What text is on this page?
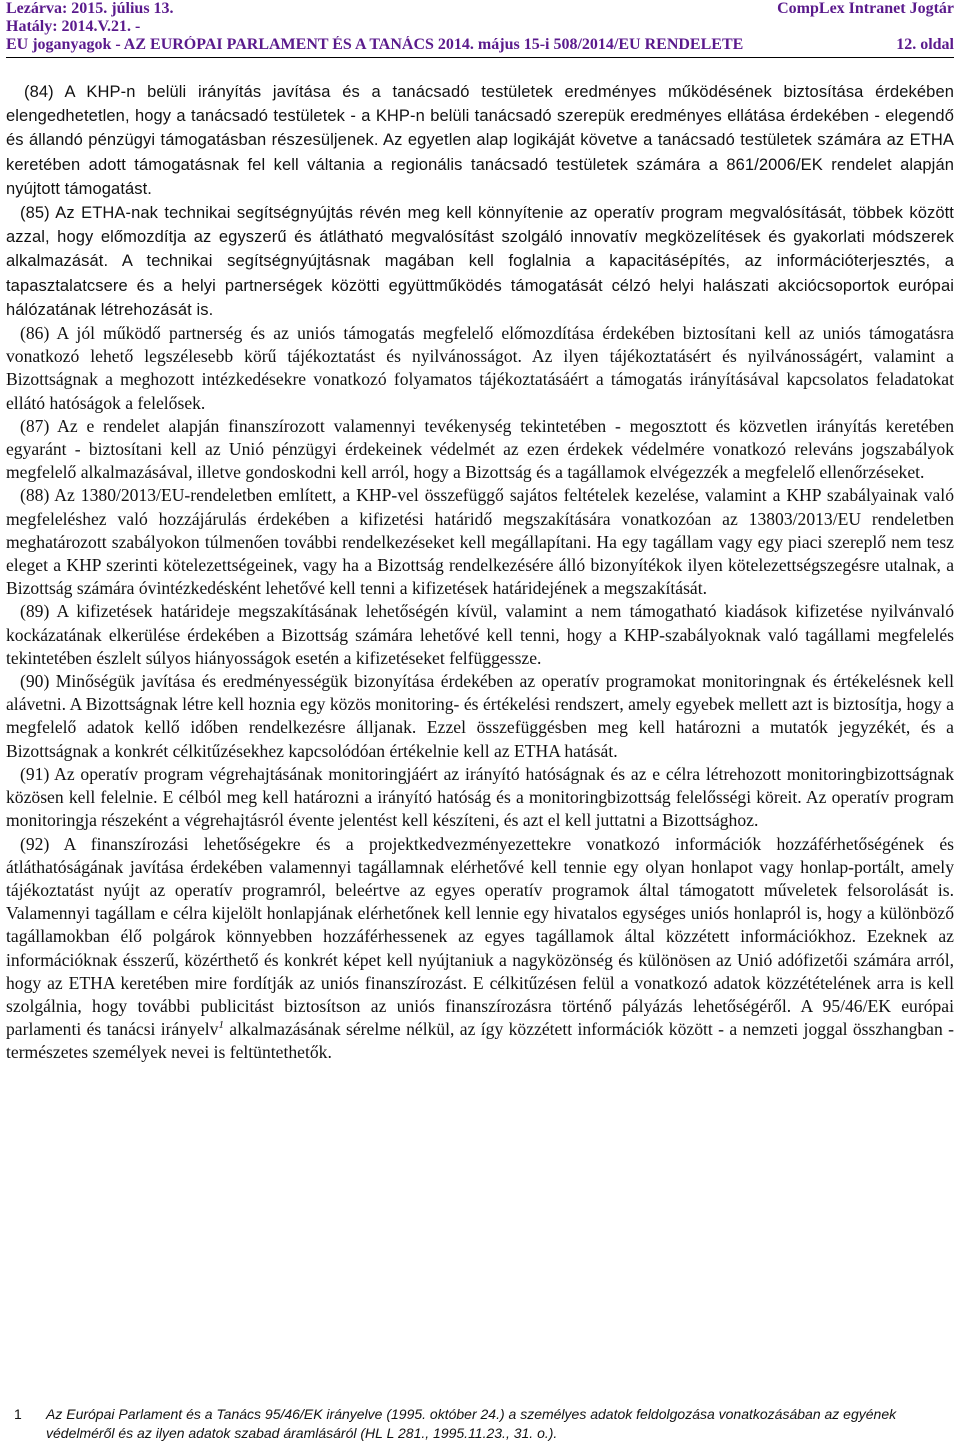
Lezárva: 2015. július 13.	CompLex Intranet Jogtár
Hatály: 2014.V.21. -
EU joganyagok - AZ EURÓPAI PARLAMENT ÉS A TANÁCS 2014. május 15-i 508/2014/EU RENDELETE	12. oldal

(84) A KHP-n belüli irányítás javítása és a tanácsadó testületek eredményes működésének biztosítása érdekében elengedhetetlen, hogy a tanácsadó testületek - a KHP-n belüli tanácsadó szerepük eredményes ellátása érdekében - elegendő és állandó pénzügyi támogatásban részesüljenek. Az egyetlen alap logikáját követve a tanácsadó testületek számára az ETHA keretében adott támogatásnak fel kell váltania a regionális tanácsadó testületek számára a 861/2006/EK rendelet alapján nyújtott támogatást.

(85) Az ETHA-nak technikai segítségnyújtás révén meg kell könnyítenie az operatív program megvalósítását, többek között azzal, hogy előmozdítja az egyszerű és átlátható megvalósítást szolgáló innovatív megközelítések és gyakorlati módszerek alkalmazását. A technikai segítségnyújtásnak magában kell foglalnia a kapacitásépítés, az információterjesztés, a tapasztalatcsere és a helyi partnerségek közötti együttműködés támogatását célzó helyi halászati akciócsoportok európai hálózatának létrehozását is.

(86) A jól működő partnerség és az uniós támogatás megfelelő előmozdítása érdekében biztosítani kell az uniós támogatásra vonatkozó lehető legszélesebb körű tájékoztatást és nyilvánosságot. Az ilyen tájékoztatásért és nyilvánosságért, valamint a Bizottságnak a meghozott intézkedésekre vonatkozó folyamatos tájékoztatásáért a támogatás irányításával kapcsolatos feladatokat ellátó hatóságok a felelősek.

(87) Az e rendelet alapján finanszírozott valamennyi tevékenység tekintetében - megosztott és közvetlen irányítás keretében egyaránt - biztosítani kell az Unió pénzügyi érdekeinek védelmét az ezen érdekek védelmére vonatkozó releváns jogszabályok megfelelő alkalmazásával, illetve gondoskodni kell arról, hogy a Bizottság és a tagállamok elvégezzék a megfelelő ellenőrzéseket.

(88) Az 1380/2013/EU-rendeletben említett, a KHP-vel összefüggő sajátos feltételek kezelése, valamint a KHP szabályainak való megfeleléshez való hozzájárulás érdekében a kifizetési határidő megszakítására vonatkozóan az 13803/2013/EU rendeletben meghatározott szabályokon túlmenően további rendelkezéseket kell megállapítani. Ha egy tagállam vagy egy piaci szereplő nem tesz eleget a KHP szerinti kötelezettségeinek, vagy ha a Bizottság rendelkezésére álló bizonyítékok ilyen kötelezettségszegésre utalnak, a Bizottság számára óvintézkedésként lehetővé kell tenni a kifizetések határidejének a megszakítását.

(89) A kifizetések határideje megszakításának lehetőségén kívül, valamint a nem támogatható kiadások kifizetése nyilvánvaló kockázatának elkerülése érdekében a Bizottság számára lehetővé kell tenni, hogy a KHP-szabályoknak való tagállami megfelelés tekintetében észlelt súlyos hiányosságok esetén a kifizetéseket felfüggessze.

(90) Minőségük javítása és eredményességük bizonyítása érdekében az operatív programokat monitoringnak és értékelésnek kell alávetni. A Bizottságnak létre kell hoznia egy közös monitoring- és értékelési rendszert, amely egyebek mellett azt is biztosítja, hogy a megfelelő adatok kellő időben rendelkezésre álljanak. Ezzel összefüggésben meg kell határozni a mutatók jegyzékét, és a Bizottságnak a konkrét célkitűzésekhez kapcsolódóan értékelnie kell az ETHA hatását.

(91) Az operatív program végrehajtásának monitoringjáért az irányító hatóságnak és az e célra létrehozott monitoringbizottságnak közösen kell felelnie. E célból meg kell határozni a irányító hatóság és a monitoringbizottság felelősségi köreit. Az operatív program monitoringja részeként a végrehajtásról évente jelentést kell készíteni, és azt el kell juttatni a Bizottsághoz.

(92) A finanszírozási lehetőségekre és a projektkedvezményezettekre vonatkozó információk hozzáférhetőségének és átláthatóságának javítása érdekében valamennyi tagállamnak elérhetővé kell tennie egy olyan honlapot vagy honlap-portált, amely tájékoztatást nyújt az operatív programról, beleértve az egyes operatív programok által támogatott műveletek felsorolását is. Valamennyi tagállam e célra kijelölt honlapjának elérhetőnek kell lennie egy hivatalos egységes uniós honlapról is, hogy a különböző tagállamokban élő polgárok könnyebben hozzáférhessenek az egyes tagállamok által közzétett információkhoz. Ezeknek az információknak ésszerű, közérthető és konkrét képet kell nyújtaniuk a nagyközönség és különösen az Unió adófizetői számára arról, hogy az ETHA keretében mire fordítják az uniós finanszírozást. E célkitűzésen felül a vonatkozó adatok közzétételének arra is kell szolgálnia, hogy további publicitást biztosítson az uniós finanszírozásra történő pályázás lehetőségéről. A 95/46/EK európai parlamenti és tanácsi irányelv$^1$ alkalmazásának sérelme nélkül, az így közzétett információk között - a nemzeti joggal összhangban - természetes személyek nevei is feltüntethetők.

1 Az Európai Parlament és a Tanács 95/46/EK irányelve (1995. október 24.) a személyes adatok feldolgozása vonatkozásában az egyének védelméről és az ilyen adatok szabad áramlásáról (HL L 281., 1995.11.23., 31. o.).
